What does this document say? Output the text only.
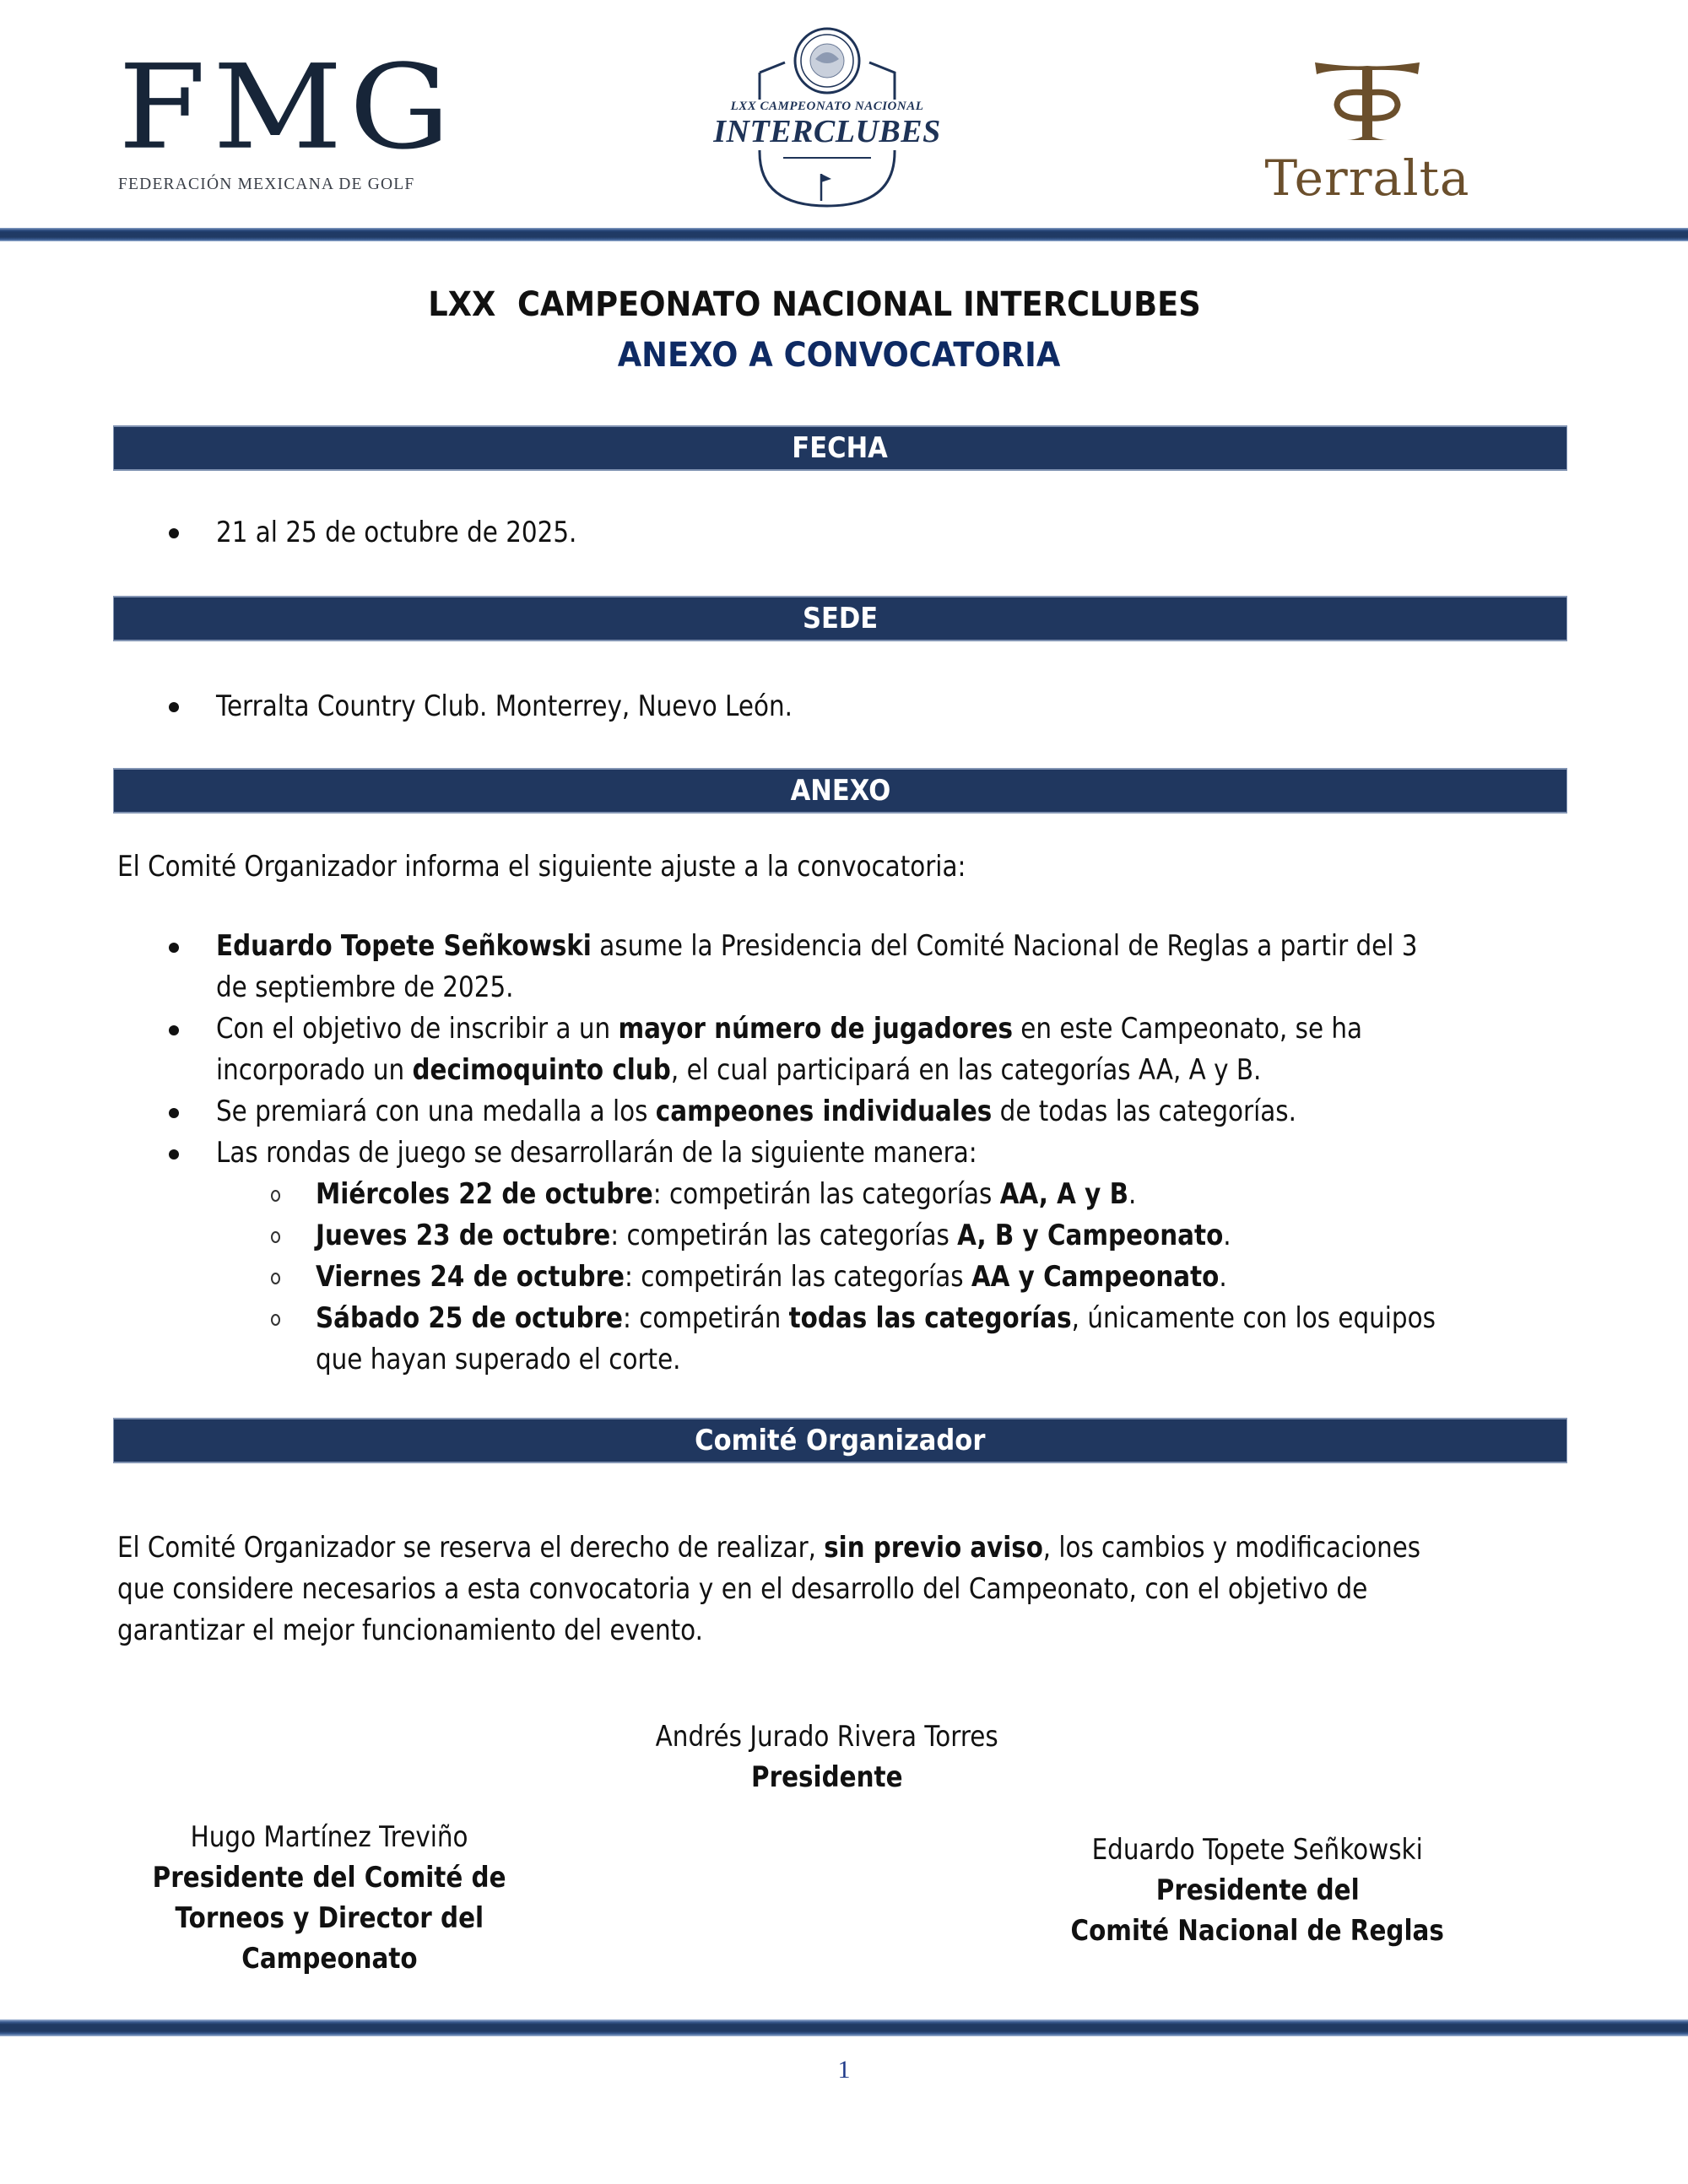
FMG
FEDERACIÓN MEXICANA DE GOLF
LXX CAMPEONATO NACIONAL
INTERCLUBES
Terralta
LXX  CAMPEONATO NACIONAL INTERCLUBES
ANEXO A CONVOCATORIA
FECHA
21 al 25 de octubre de 2025.
SEDE
Terralta Country Club. Monterrey, Nuevo León.
ANEXO
El Comité Organizador informa el siguiente ajuste a la convocatoria:
Eduardo Topete Señkowski asume la Presidencia del Comité Nacional de Reglas a partir del 3
de septiembre de 2025.
Con el objetivo de inscribir a un mayor número de jugadores en este Campeonato, se ha
incorporado un decimoquinto club, el cual participará en las categorías AA, A y B.
Se premiará con una medalla a los campeones individuales de todas las categorías.
Las rondas de juego se desarrollarán de la siguiente manera:
Miércoles 22 de octubre: competirán las categorías AA, A y B.
Jueves 23 de octubre: competirán las categorías A, B y Campeonato.
Viernes 24 de octubre: competirán las categorías AA y Campeonato.
Sábado 25 de octubre: competirán todas las categorías, únicamente con los equipos
que hayan superado el corte.
Comité Organizador
El Comité Organizador se reserva el derecho de realizar, sin previo aviso, los cambios y modificaciones
que considere necesarios a esta convocatoria y en el desarrollo del Campeonato, con el objetivo de
garantizar el mejor funcionamiento del evento.
Andrés Jurado Rivera Torres
Presidente
Hugo Martínez Treviño
Presidente del Comité de
Torneos y Director del
Campeonato
Eduardo Topete Señkowski
Presidente del
Comité Nacional de Reglas
1
